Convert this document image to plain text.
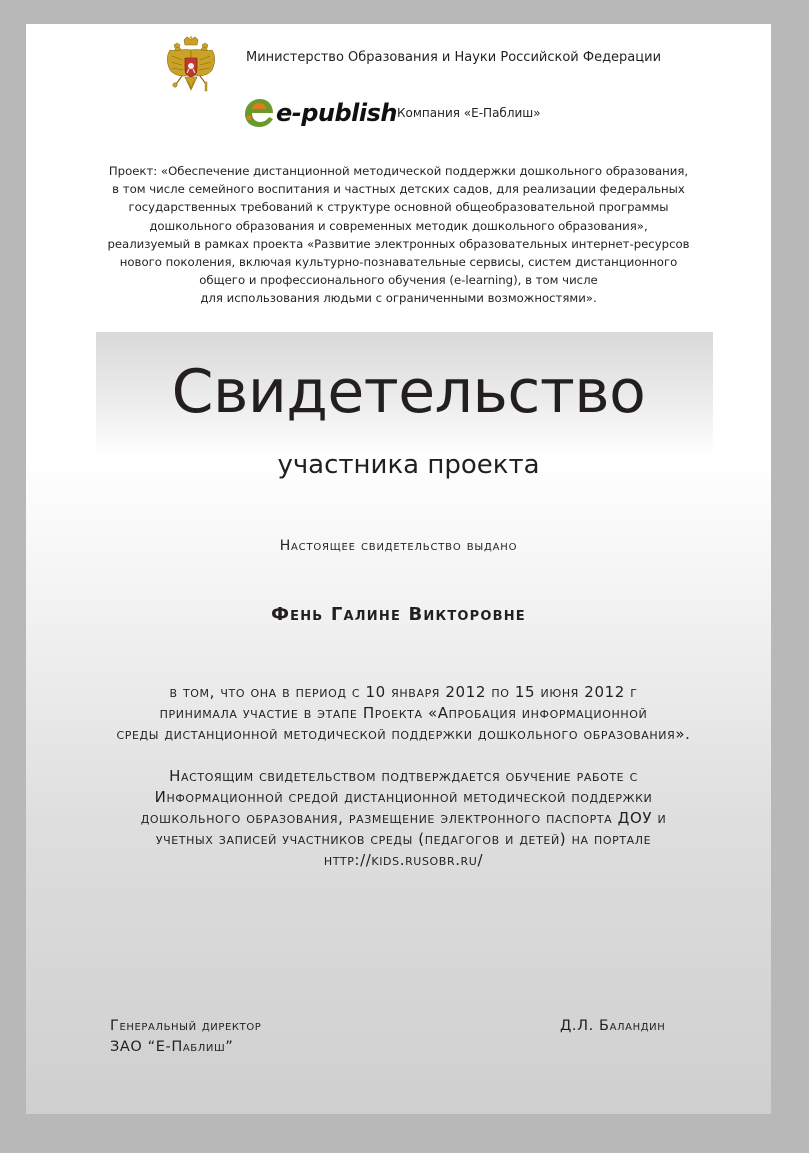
Министерство Образования и Науки Российской Федерации
e-publish Компания «Е-Паблиш»
Проект: «Обеспечение дистанционной методической поддержки дошкольного образования,
в том числе семейного воспитания и частных детских садов, для реализации федеральных
государственных требований к структуре основной общеобразовательной программы
дошкольного образования и современных методик дошкольного образования»,
реализуемый в рамках проекта «Развитие электронных образовательных интернет-ресурсов
нового поколения, включая культурно-познавательные сервисы, систем дистанционного
общего и профессионального обучения (e-learning), в том числе
для использования людьми с ограниченными возможностями».
Свидетельство
участника проекта
Настоящее свидетельство выдано
Фень Галине Викторовне
в том, что она в период с 10 января 2012 по 15 июня 2012 г
принимала участие в этапе Проекта «Апробация информационной
среды дистанционной методической поддержки дошкольного образования».
Настоящим свидетельством подтверждается обучение работе с
Информационной средой дистанционной методической поддержки
дошкольного образования, размещение электронного паспорта ДОУ и
учетных записей участников среды (педагогов и детей) на портале
http://kids.rusobr.ru/
Генеральный директор
ЗАО “Е-Паблиш”
Д.Л. Баландин
